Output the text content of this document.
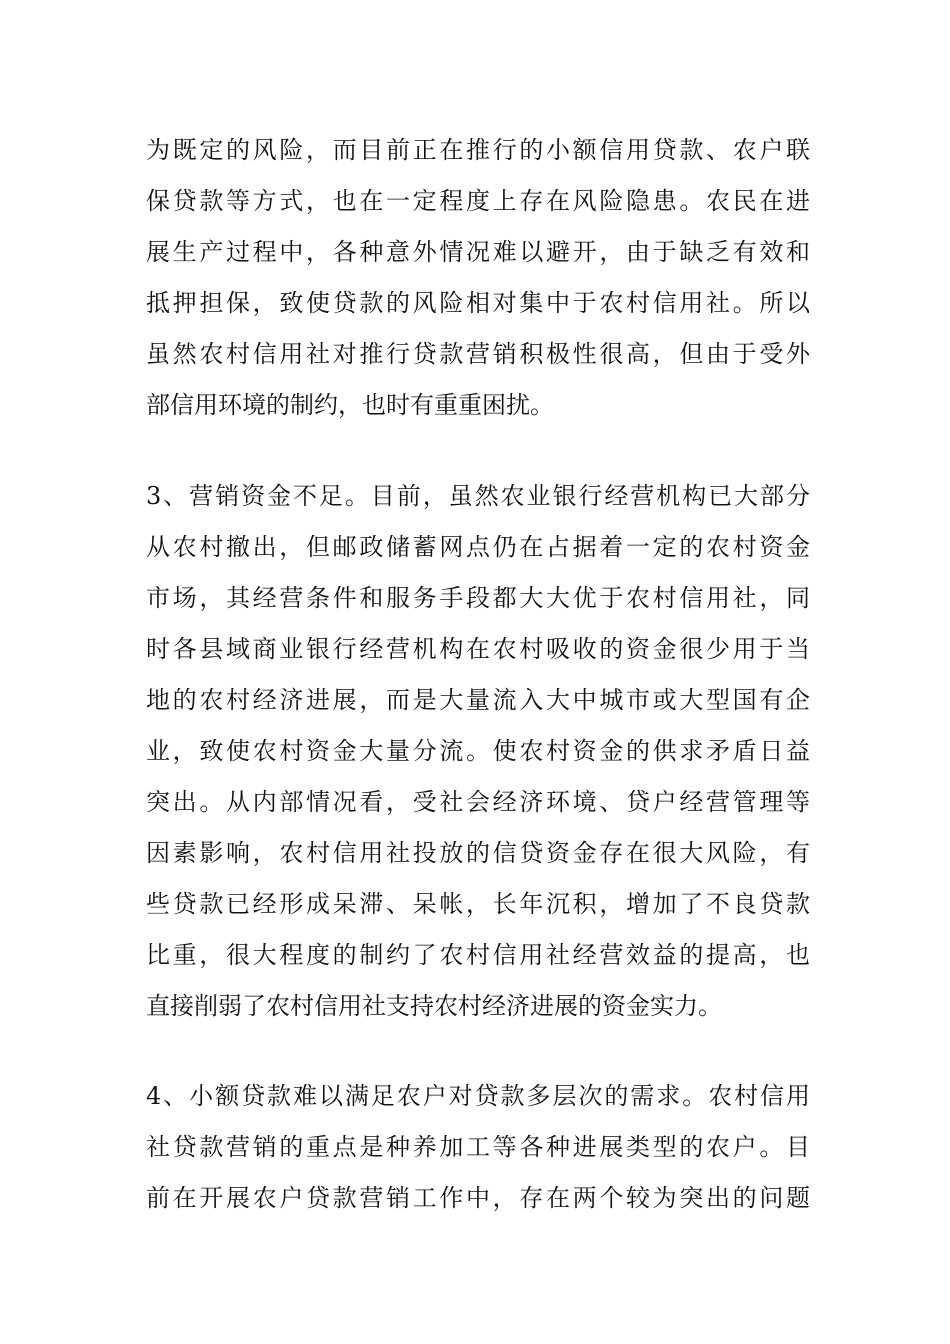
为既定的风险，而目前正在推行的小额信用贷款、农户联
保贷款等方式，也在一定程度上存在风险隐患。农民在进
展生产过程中，各种意外情况难以避开，由于缺乏有效和
抵押担保，致使贷款的风险相对集中于农村信用社。所以
虽然农村信用社对推行贷款营销积极性很高，但由于受外
部信用环境的制约，也时有重重困扰。
3、营销资金不足。目前，虽然农业银行经营机构已大部分
从农村撤出，但邮政储蓄网点仍在占据着一定的农村资金
市场，其经营条件和服务手段都大大优于农村信用社，同
时各县域商业银行经营机构在农村吸收的资金很少用于当
地的农村经济进展，而是大量流入大中城市或大型国有企
业，致使农村资金大量分流。使农村资金的供求矛盾日益
突出。从内部情况看，受社会经济环境、贷户经营管理等
因素影响，农村信用社投放的信贷资金存在很大风险，有
些贷款已经形成呆滞、呆帐，长年沉积，增加了不良贷款
比重，很大程度的制约了农村信用社经营效益的提高，也
直接削弱了农村信用社支持农村经济进展的资金实力。
4、小额贷款难以满足农户对贷款多层次的需求。农村信用
社贷款营销的重点是种养加工等各种进展类型的农户。目
前在开展农户贷款营销工作中，存在两个较为突出的问题
